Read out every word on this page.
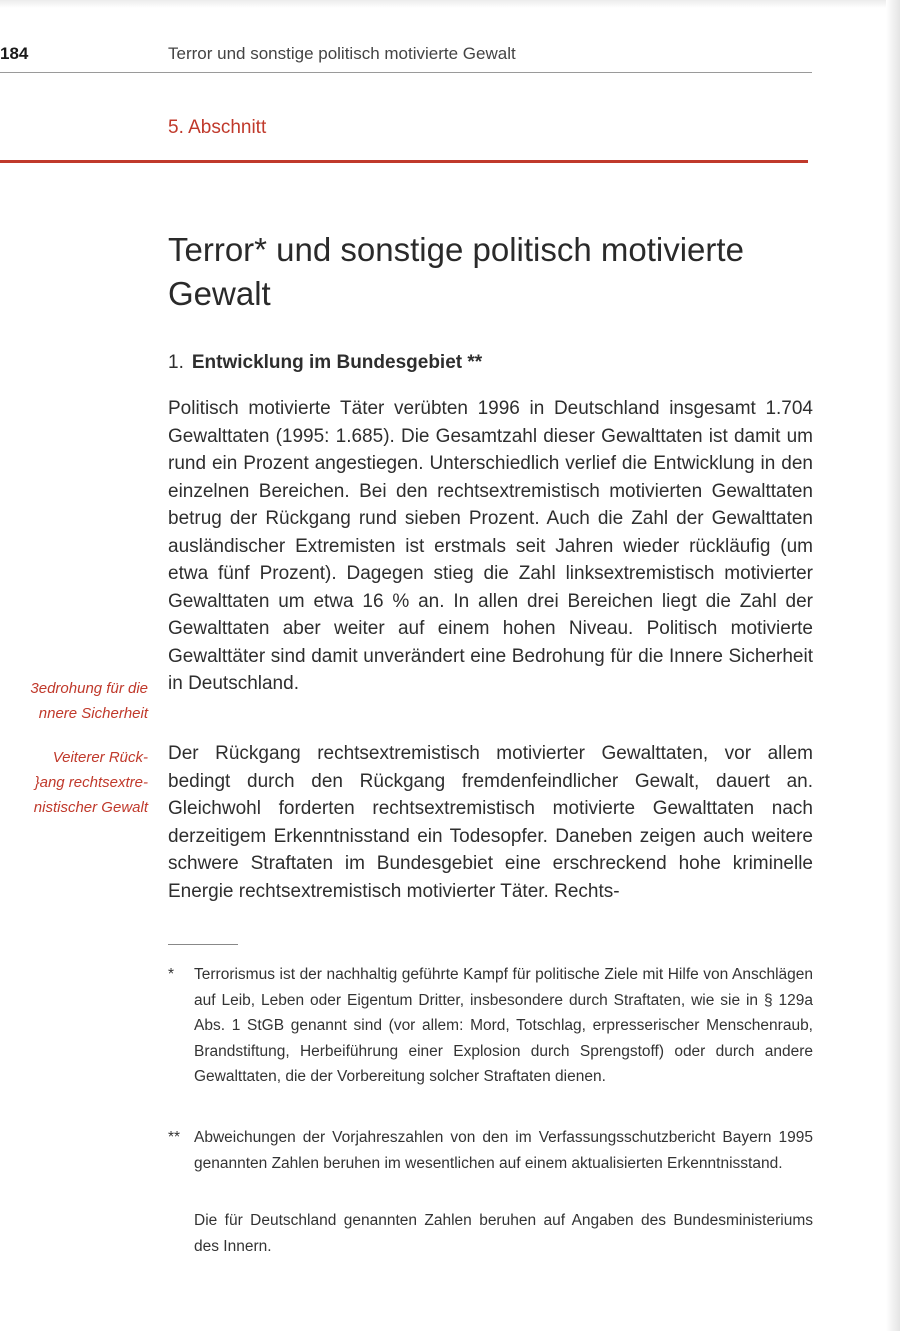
184	Terror und sonstige politisch motivierte Gewalt
5. Abschnitt
Terror* und sonstige politisch motivierte Gewalt
1. Entwicklung im Bundesgebiet **

Politisch motivierte Täter verübten 1996 in Deutschland insgesamt 1.704 Gewalttaten (1995: 1.685). Die Gesamtzahl dieser Gewalttaten ist damit um rund ein Prozent angestiegen. Unterschiedlich verlief die Entwicklung in den einzelnen Bereichen. Bei den rechtsextremistisch motivierten Gewalttaten betrug der Rückgang rund sieben Prozent. Auch die Zahl der Gewalttaten ausländischer Extremisten ist erstmals seit Jahren wieder rückläufig (um etwa fünf Prozent). Dagegen stieg die Zahl linksextremistisch motivierter Gewalttaten um etwa 16 % an. In allen drei Bereichen liegt die Zahl der Gewalttaten aber weiter auf einem hohen Niveau. Politisch motivierte Gewalttäter sind damit unverändert eine Bedrohung für die Innere Sicherheit in Deutschland.

3edrohung für die
nnere Sicherheit

Veiterer Rück-
}ang rechtsextre-
nistischer Gewalt

Der Rückgang rechtsextremistisch motivierter Gewalttaten, vor allem bedingt durch den Rückgang fremdenfeindlicher Gewalt, dauert an. Gleichwohl forderten rechtsextremistisch motivierte Gewalttaten nach derzeitigem Erkenntnisstand ein Todesopfer. Daneben zeigen auch weitere schwere Straftaten im Bundesgebiet eine erschreckend hohe kriminelle Energie rechtsextremistisch motivierter Täter. Rechts-

* Terrorismus ist der nachhaltig geführte Kampf für politische Ziele mit Hilfe von Anschlägen auf Leib, Leben oder Eigentum Dritter, insbesondere durch Straftaten, wie sie in § 129a Abs. 1 StGB genannt sind (vor allem: Mord, Totschlag, erpresserischer Menschenraub, Brandstiftung, Herbeiführung einer Explosion durch Sprengstoff) oder durch andere Gewalttaten, die der Vorbereitung solcher Straftaten dienen.

** Abweichungen der Vorjahreszahlen von den im Verfassungsschutzbericht Bayern 1995 genannten Zahlen beruhen im wesentlichen auf einem aktualisierten Erkenntnisstand.

Die für Deutschland genannten Zahlen beruhen auf Angaben des Bundesministeriums des Innern.
